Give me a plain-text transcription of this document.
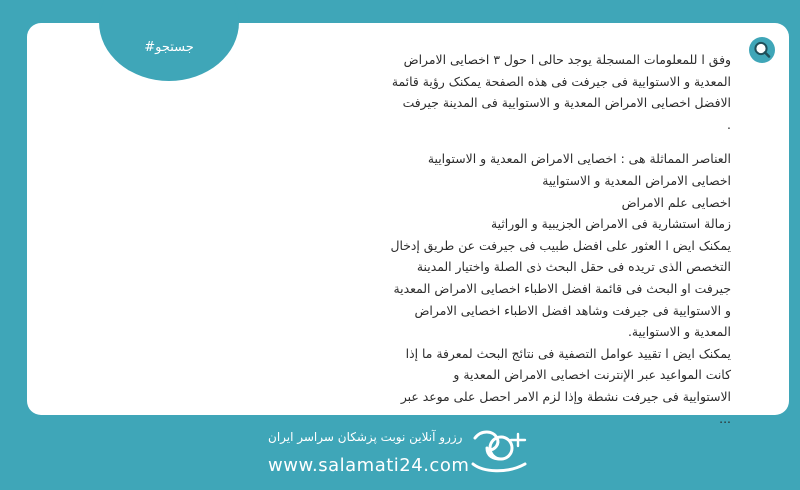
جستجو#
وفق ا للمعلومات المسجلة يوجد حالی ا حول ۳ اخصایی الامراض
المعدية و الاستوایية فی جیرفت فی هذه الصفحة یمکنک رؤیة قائمة
الافضل اخصایی الامراض المعدية و الاستوایية فی المدینة جیرفت
.
العناصر المماثلة هی : اخصایی الامراض المعدية و الاستوایية
اخصایی الامراض المعدية و الاستوایية
اخصایی علم الامراض
زمالة استشاریة فی الامراض الجزیبیة و الوراثیة
یمکنک ایض ا العثور علی افضل طبیب فی جیرفت عن طریق إدخال
التخصص الذی تریده فی حقل البحث ذی الصلة واختیار المدینة
جیرفت او البحث فی قائمة افضل الاطباء اخصایی الامراض المعدية
و الاستوایية فی جیرفت وشاهد افضل الاطباء اخصایی الامراض
المعدية و الاستوایية.
یمکنک ایض ا تقیید عوامل التصفیة فی نتائج البحث لمعرفة ما إذا
كانت المواعید عبر الإنترنت اخصایی الامراض المعدية و
الاستوایية فی جیرفت نشطة وإذا لزم الامر احصل علی موعد عبر
...
رزرو آنلاین نوبت پزشکان سراسر ایران
www.salamati24.com
